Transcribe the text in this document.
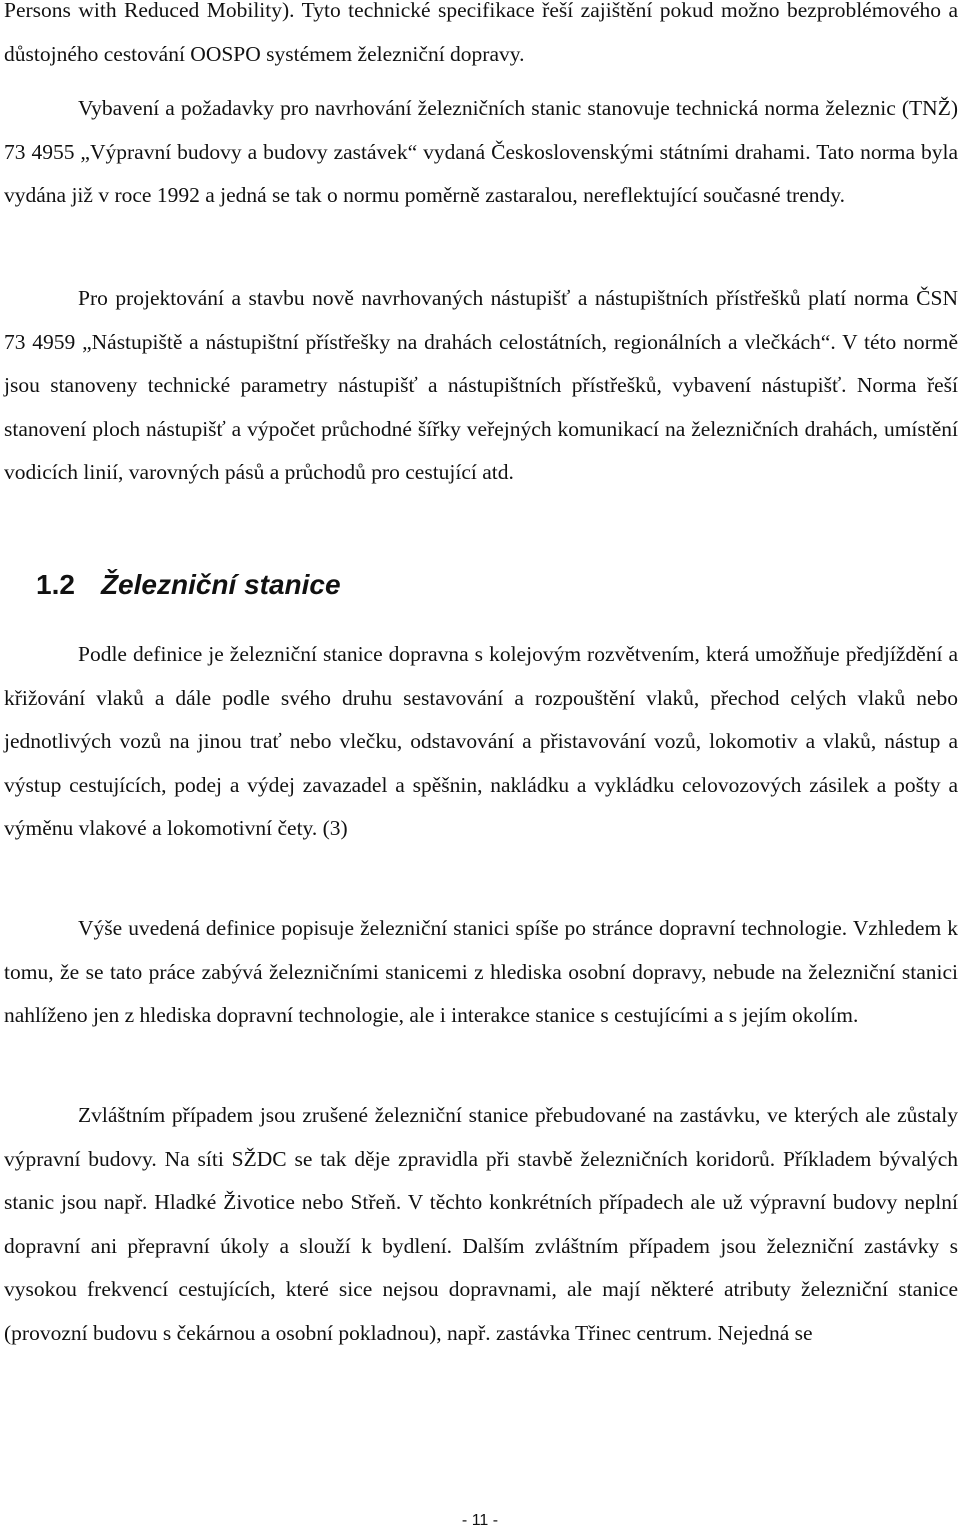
Persons with Reduced Mobility). Tyto technické specifikace řeší zajištění pokud možno bezproblémového a důstojného cestování OOSPO systémem železniční dopravy.

Vybavení a požadavky pro navrhování železničních stanic stanovuje technická norma železnic (TNŽ) 73 4955 „Výpravní budovy a budovy zastávek“ vydaná Československými státními drahami. Tato norma byla vydána již v roce 1992 a jedná se tak o normu poměrně zastaralou, nereflektující současné trendy.

Pro projektování a stavbu nově navrhovaných nástupišť a nástupištních přístřešků platí norma ČSN 73 4959 „Nástupiště a nástupištní přístřešky na drahách celostátních, regionálních a vlečkách“. V této normě jsou stanoveny technické parametry nástupišť a nástupištních přístřešků, vybavení nástupišť. Norma řeší stanovení ploch nástupišť a výpočet průchodné šířky veřejných komunikací na železničních drahách, umístění vodicích linií, varovných pásů a průchodů pro cestující atd.

1.2 Železniční stanice

Podle definice je železniční stanice dopravna s kolejovým rozvětvením, která umožňuje předjíždění a křižování vlaků a dále podle svého druhu sestavování a rozpouštění vlaků, přechod celých vlaků nebo jednotlivých vozů na jinou trať nebo vlečku, odstavování a přistavování vozů, lokomotiv a vlaků, nástup a výstup cestujících, podej a výdej zavazadel a spěšnin, nakládku a vykládku celovozových zásilek a pošty a výměnu vlakové a lokomotivní čety. (3)

Výše uvedená definice popisuje železniční stanici spíše po stránce dopravní technologie. Vzhledem k tomu, že se tato práce zabývá železničními stanicemi z hlediska osobní dopravy, nebude na železniční stanici nahlíženo jen z hlediska dopravní technologie, ale i interakce stanice s cestujícími a s jejím okolím.

Zvláštním případem jsou zrušené železniční stanice přebudované na zastávku, ve kterých ale zůstaly výpravní budovy. Na síti SŽDC se tak děje zpravidla při stavbě železničních koridorů. Příkladem bývalých stanic jsou např. Hladké Životice nebo Střeň. V těchto konkrétních případech ale už výpravní budovy neplní dopravní ani přepravní úkoly a slouží k bydlení. Dalším zvláštním případem jsou železniční zastávky s vysokou frekvencí cestujících, které sice nejsou dopravnami, ale mají některé atributy železniční stanice (provozní budovu s čekárnou a osobní pokladnou), např. zastávka Třinec centrum. Nejedná se

- 11 -
